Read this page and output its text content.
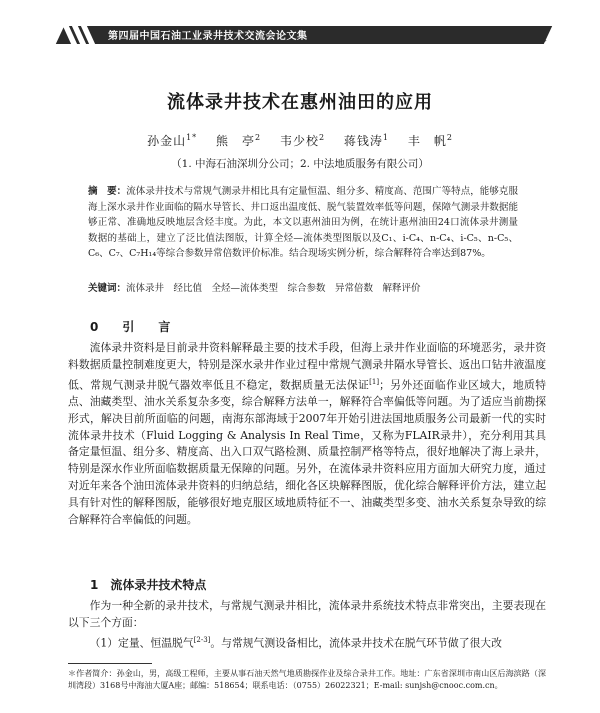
第四届中国石油工业录井技术交流会论文集	✦
流体录井技术在惠州油田的应用
孙金山$^{1*}$ 熊　亭$^2$ 韦少校$^2$ 蒋钱涛$^1$ 丰　帆$^2$
（1. 中海石油深圳分公司；2. 中法地质服务有限公司）
摘　要：流体录井技术与常规气测录井相比具有定量恒温、组分多、精度高、范围广等特点，能够克服海上深水录井作业面临的隔水导管长、井口返出温度低、脱气装置效率低等问题，保障气测录井数据能够正常、准确地反映地层含烃丰度。为此，本文以惠州油田为例，在统计惠州油田24口流体录井测量数据的基础上，建立了泛比值法图版，计算全烃—流体类型图版以及C₁、i-C₄、n-C₄、i-C₅、n-C₅、C₆、C₇、C₇H₁₄等综合参数异常倍数评价标准。结合现场实例分析，综合解释符合率达到87%。
关键词：流体录井　经比值　全烃—流体类型　综合参数　异常倍数　解释评价
0　引　言
流体录井资料是目前录井资料解释最主要的技术手段，但海上录井作业面临的环境恶劣，录井资料数据质量控制难度更大，特别是深水录井作业过程中常规气测录井隔水导管长、返出口钻井液温度低、常规气测录井脱气器效率低且不稳定，数据质量无法保证[1]；另外还面临作业区域大，地质特点、油藏类型、油水关系复杂多变，综合解释方法单一，解释符合率偏低等问题。为了适应当前勘探形式，解决目前所面临的问题，南海东部海域于2007年开始引进法国地质服务公司最新一代的实时流体录井技术（Fluid Logging & Analysis In Real Time，又称为FLAIR录井），充分利用其具备定量恒温、组分多、精度高、出入口双气路检测、质量控制严格等特点，很好地解决了海上录井，特别是深水作业所面临数据质量无保障的问题。另外，在流体录井资料应用方面加大研究力度，通过对近年来各个油田流体录井资料的归纳总结，细化各区块解释图版，优化综合解释评价方法，建立起具有针对性的解释图版，能够很好地克服区域地质特征不一、油藏类型多变、油水关系复杂导致的综合解释符合率偏低的问题。
1　流体录井技术特点
作为一种全新的录井技术，与常规气测录井相比，流体录井系统技术特点非常突出，主要表现在以下三个方面：
（1）定量、恒温脱气[2-3]。与常规气测设备相比，流体录井技术在脱气环节做了很大改
＊作者简介：孙金山，男，高级工程师，主要从事石油天然气地质勘探作业及综合录井工作。地址：广东省深圳市南山区后海滨路（深圳湾段）3168号中海油大厦A座；邮编：518654；联系电话：（0755）26022321；E-mail: sunjsh@cnooc.com.cn。
